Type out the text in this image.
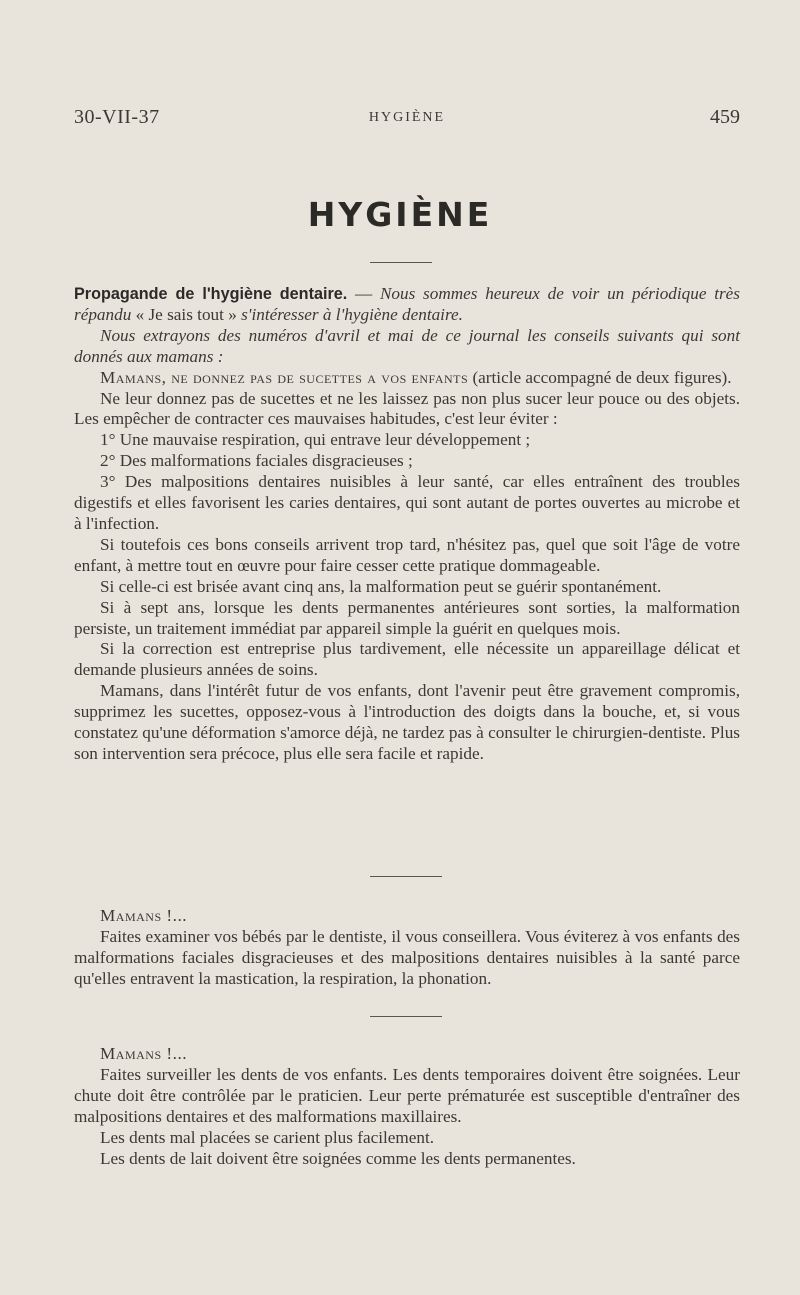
30-VII-37	HYGIÈNE	459
HYGIÈNE

Propagande de l'hygiène dentaire. — Nous sommes heureux de voir un périodique très répandu « Je sais tout » s'intéresser à l'hygiène dentaire.

Nous extrayons des numéros d'avril et mai de ce journal les conseils suivants qui sont donnés aux mamans :

Mamans, ne donnez pas de sucettes a vos enfants (article accompagné de deux figures).

Ne leur donnez pas de sucettes et ne les laissez pas non plus sucer leur pouce ou des objets. Les empêcher de contracter ces mauvaises habitudes, c'est leur éviter :

1° Une mauvaise respiration, qui entrave leur développement ;

2° Des malformations faciales disgracieuses ;

3° Des malpositions dentaires nuisibles à leur santé, car elles entraînent des troubles digestifs et elles favorisent les caries dentaires, qui sont autant de portes ouvertes au microbe et à l'infection.

Si toutefois ces bons conseils arrivent trop tard, n'hésitez pas, quel que soit l'âge de votre enfant, à mettre tout en œuvre pour faire cesser cette pratique dommageable.

Si celle-ci est brisée avant cinq ans, la malformation peut se guérir spontanément.

Si à sept ans, lorsque les dents permanentes antérieures sont sorties, la malformation persiste, un traitement immédiat par appareil simple la guérit en quelques mois.

Si la correction est entreprise plus tardivement, elle nécessite un appareillage délicat et demande plusieurs années de soins.

Mamans, dans l'intérêt futur de vos enfants, dont l'avenir peut être gravement compromis, supprimez les sucettes, opposez-vous à l'introduction des doigts dans la bouche, et, si vous constatez qu'une déformation s'amorce déjà, ne tardez pas à consulter le chirurgien-dentiste. Plus son intervention sera précoce, plus elle sera facile et rapide.

Mamans !...

Faites examiner vos bébés par le dentiste, il vous conseillera. Vous éviterez à vos enfants des malformations faciales disgracieuses et des malpositions dentaires nuisibles à la santé parce qu'elles entravent la mastication, la respiration, la phonation.

Mamans !...

Faites surveiller les dents de vos enfants. Les dents temporaires doivent être soignées. Leur chute doit être contrôlée par le praticien. Leur perte prématurée est susceptible d'entraîner des malpositions dentaires et des malformations maxillaires.

Les dents mal placées se carient plus facilement.

Les dents de lait doivent être soignées comme les dents permanentes.
